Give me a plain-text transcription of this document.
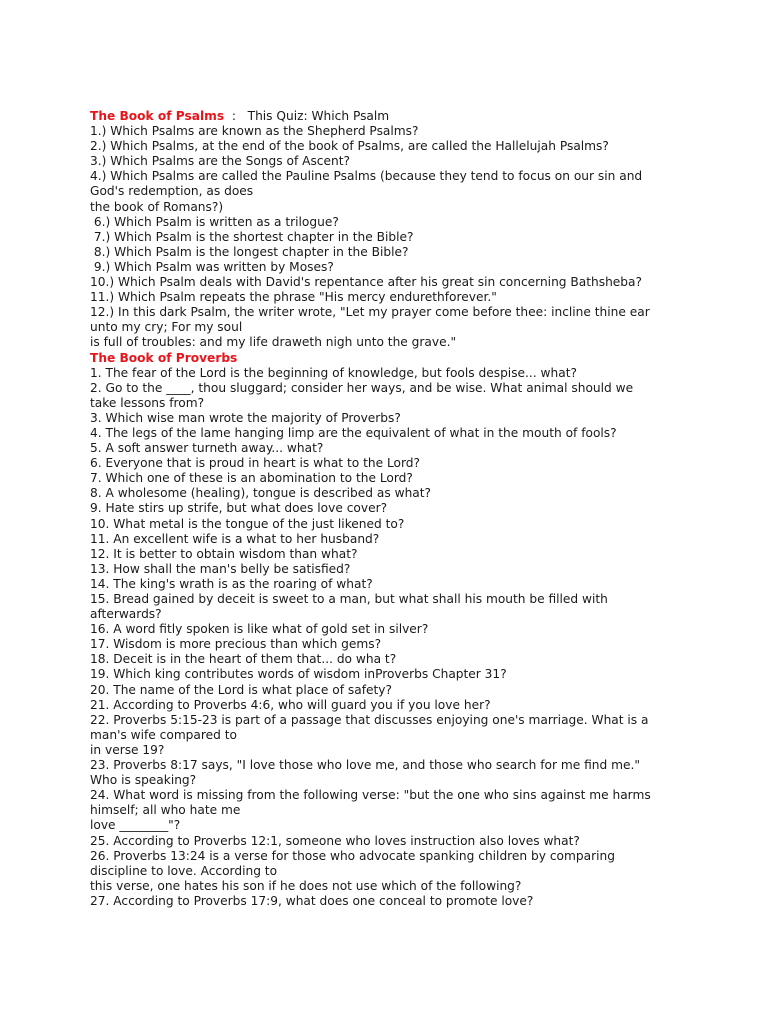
The Book of Psalms  :   This Quiz: Which Psalm
1.) Which Psalms are known as the Shepherd Psalms?
2.) Which Psalms, at the end of the book of Psalms, are called the Hallelujah Psalms?
3.) Which Psalms are the Songs of Ascent?
4.) Which Psalms are called the Pauline Psalms (because they tend to focus on our sin and
God's redemption, as does
the book of Romans?)
6.) Which Psalm is written as a trilogue?
7.) Which Psalm is the shortest chapter in the Bible?
8.) Which Psalm is the longest chapter in the Bible?
9.) Which Psalm was written by Moses?
10.) Which Psalm deals with David's repentance after his great sin concerning Bathsheba?
11.) Which Psalm repeats the phrase "His mercy endurethforever."
12.) In this dark Psalm, the writer wrote, "Let my prayer come before thee: incline thine ear
unto my cry; For my soul
is full of troubles: and my life draweth nigh unto the grave."
The Book of Proverbs
1. The fear of the Lord is the beginning of knowledge, but fools despise... what?
2. Go to the ____, thou sluggard; consider her ways, and be wise. What animal should we
take lessons from?
3. Which wise man wrote the majority of Proverbs?
4. The legs of the lame hanging limp are the equivalent of what in the mouth of fools?
5. A soft answer turneth away... what?
6. Everyone that is proud in heart is what to the Lord?
7. Which one of these is an abomination to the Lord?
8. A wholesome (healing), tongue is described as what?
9. Hate stirs up strife, but what does love cover?
10. What metal is the tongue of the just likened to?
11. An excellent wife is a what to her husband?
12. It is better to obtain wisdom than what?
13. How shall the man's belly be satisfied?
14. The king's wrath is as the roaring of what?
15. Bread gained by deceit is sweet to a man, but what shall his mouth be filled with
afterwards?
16. A word fitly spoken is like what of gold set in silver?
17. Wisdom is more precious than which gems?
18. Deceit is in the heart of them that... do wha t?
19. Which king contributes words of wisdom inProverbs Chapter 31?
20. The name of the Lord is what place of safety?
21. According to Proverbs 4:6, who will guard you if you love her?
22. Proverbs 5:15-23 is part of a passage that discusses enjoying one's marriage. What is a
man's wife compared to
in verse 19?
23. Proverbs 8:17 says, "I love those who love me, and those who search for me find me."
Who is speaking?
24. What word is missing from the following verse: "but the one who sins against me harms
himself; all who hate me
love ________"?
25. According to Proverbs 12:1, someone who loves instruction also loves what?
26. Proverbs 13:24 is a verse for those who advocate spanking children by comparing
discipline to love. According to
this verse, one hates his son if he does not use which of the following?
27. According to Proverbs 17:9, what does one conceal to promote love?
